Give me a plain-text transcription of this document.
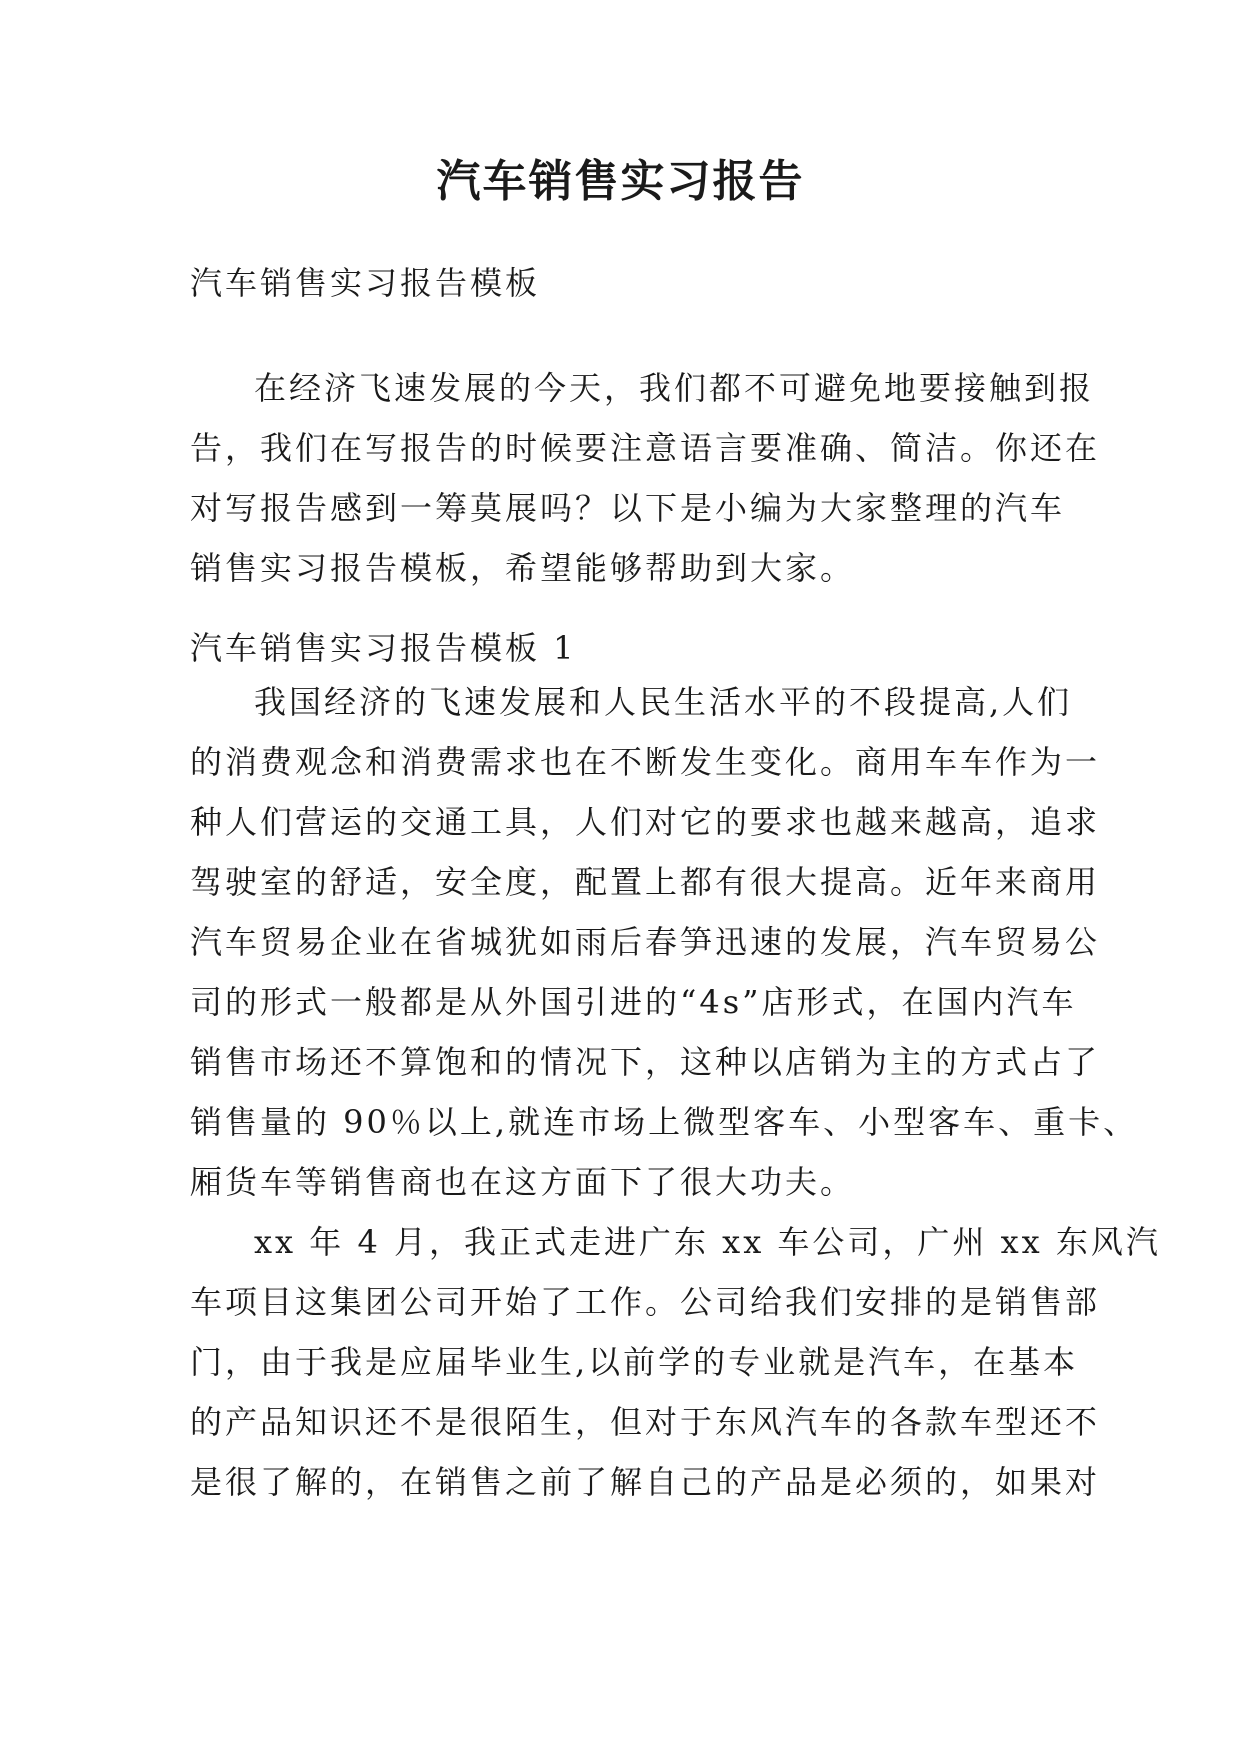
汽车销售实习报告

汽车销售实习报告模板

在经济飞速发展的今天，我们都不可避免地要接触到报
告，我们在写报告的时候要注意语言要准确、简洁。你还在
对写报告感到一筹莫展吗？以下是小编为大家整理的汽车
销售实习报告模板，希望能够帮助到大家。

汽车销售实习报告模板 1

我国经济的飞速发展和人民生活水平的不段提高,人们
的消费观念和消费需求也在不断发生变化。商用车车作为一
种人们营运的交通工具，人们对它的要求也越来越高，追求
驾驶室的舒适，安全度，配置上都有很大提高。近年来商用
汽车贸易企业在省城犹如雨后春笋迅速的发展，汽车贸易公
司的形式一般都是从外国引进的“4s”店形式，在国内汽车
销售市场还不算饱和的情况下，这种以店销为主的方式占了
销售量的 90％以上,就连市场上微型客车、小型客车、重卡、
厢货车等销售商也在这方面下了很大功夫。

xx 年 4 月，我正式走进广东 xx 车公司，广州 xx 东风汽
车项目这集团公司开始了工作。公司给我们安排的是销售部
门，由于我是应届毕业生,以前学的专业就是汽车，在基本
的产品知识还不是很陌生，但对于东风汽车的各款车型还不
是很了解的，在销售之前了解自己的产品是必须的，如果对
